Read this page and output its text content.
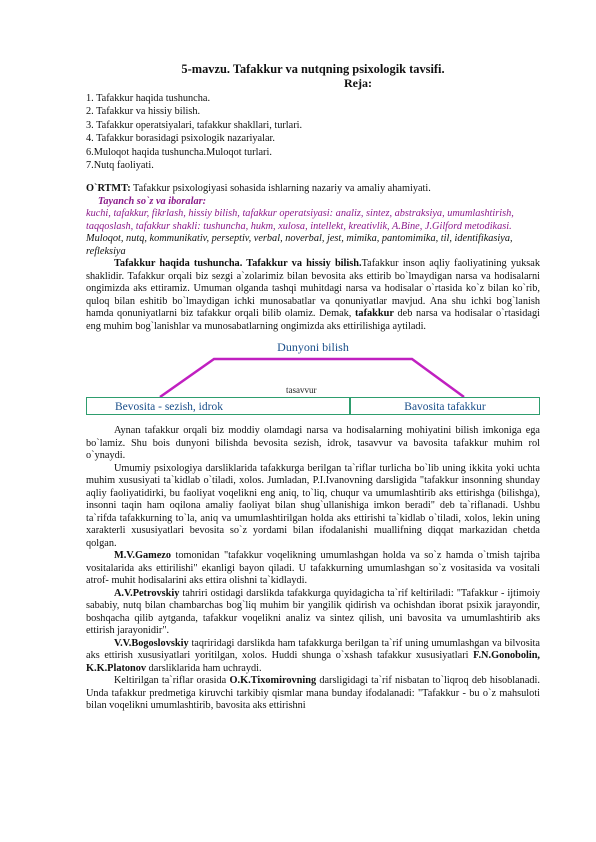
5-mavzu. Tafakkur va nutqning psixologik tavsifi.
Reja:
1. Tafakkur haqida tushuncha.
2. Tafakkur va hissiy bilish.
3. Tafakkur operatsiyalari, tafakkur shakllari, turlari.
4. Tafakkur borasidagi psixologik nazariyalar.
6.Muloqot haqida tushuncha.Muloqot turlari.
7.Nutq faoliyati.

O`RTMT: Tafakkur psixologiyasi sohasida ishlarning nazariy va amaliy ahamiyati.

Tayanch so`z va iboralar:

kuchi, tafakkur, fikrlash, hissiy bilish, tafakkur operatsiyasi: analiz, sintez, abstraksiya, umumlashtirish, taqqoslash, tafakkur shakli: tushuncha, hukm, xulosa, intellekt, kreativlik, A.Bine, J.Gilford metodikasi. Muloqot, nutq, kommunikativ, perseptiv, verbal, noverbal, jest, mimika, pantomimika, til, identifikasiya, refleksiya

Tafakkur haqida tushuncha. Tafakkur va hissiy bilish.Tafakkur inson aqliy faoliyatining yuksak shaklidir. Tafakkur orqali biz sezgi a`zolarimiz bilan bevosita aks ettirib bo`lmaydigan narsa va hodisalarni ongimizda aks ettiramiz. Umuman olganda tashqi muhitdagi narsa va hodisalar o`rtasida ko`z bilan ko`rib, quloq bilan eshitib bo`lmaydigan ichki munosabatlar va qonuniyatlar mavjud. Ana shu ichki bog`lanish hamda qonuniyatlarni biz tafakkur orqali bilib olamiz. Demak, tafakkur deb narsa va hodisalar o`rtasidagi eng muhim bog`lanishlar va munosabatlarning ongimizda aks ettirilishiga aytiladi.

Dunyoni bilish
tasavvur
Bevosita - sezish, idrok	Bavosita tafakkur

Aynan tafakkur orqali biz moddiy olamdagi narsa va hodisalarning mohiyatini bilish imkoniga ega bo`lamiz. Shu bois dunyoni bilishda bevosita sezish, idrok, tasavvur va bavosita tafakkur muhim rol o`ynaydi.

Umumiy psixologiya darsliklarida tafakkurga berilgan ta`riflar turlicha bo`lib uning ikkita yoki uchta muhim xususiyati ta`kidlab o`tiladi, xolos. Jumladan, P.I.Ivanovning darsligida "tafakkur insonning shunday aqliy faoliyatidirki, bu faoliyat voqelikni eng aniq, to`liq, chuqur va umumlashtirib aks ettirishga (bilishga), insonni taqin ham oqilona amaliy faoliyat bilan shug`ullanishiga imkon beradi" deb ta`riflanadi. Ushbu ta`rifda tafakkurning to`la, aniq va umumlashtirilgan holda aks ettirishi ta`kidlab o`tiladi, xolos, lekin uning xarakterli xususiyatlari bevosita so`z yordami bilan ifodalanishi muallifning diqqat markazidan chetda qolgan.

M.V.Gamezo tomonidan "tafakkur voqelikning umumlashgan holda va so`z hamda o`tmish tajriba vositalarida aks ettirilishi" ekanligi bayon qiladi. U tafakkurning umumlashgan so`z vositasida va vositali atrof- muhit hodisalarini aks ettira olishni ta`kidlaydi.

A.V.Petrovskiy tahriri ostidagi darslikda tafakkurga quyidagicha ta`rif keltiriladi: "Tafakkur - ijtimoiy sababiy, nutq bilan chambarchas bog`liq muhim bir yangilik qidirish va ochishdan iborat psixik jarayondir, boshqacha qilib aytganda, tafakkur voqelikni analiz va sintez qilish, uni bavosita va umumlashtirib aks ettirish jarayonidir".

V.V.Bogoslovskiy taqriridagi darslikda ham tafakkurga berilgan ta`rif uning umumlashgan va bilvosita aks ettirish xususiyatlari yoritilgan, xolos. Huddi shunga o`xshash tafakkur xususiyatlari F.N.Gonobolin, K.K.Platonov darsliklarida ham uchraydi.

Keltirilgan ta`riflar orasida O.K.Tixomirovning darsligidagi ta`rif nisbatan to`liqroq deb hisoblanadi. Unda tafakkur predmetiga kiruvchi tarkibiy qismlar mana bunday ifodalanadi: "Tafakkur - bu o`z mahsuloti bilan voqelikni umumlashtirib, bavosita aks ettirishni
